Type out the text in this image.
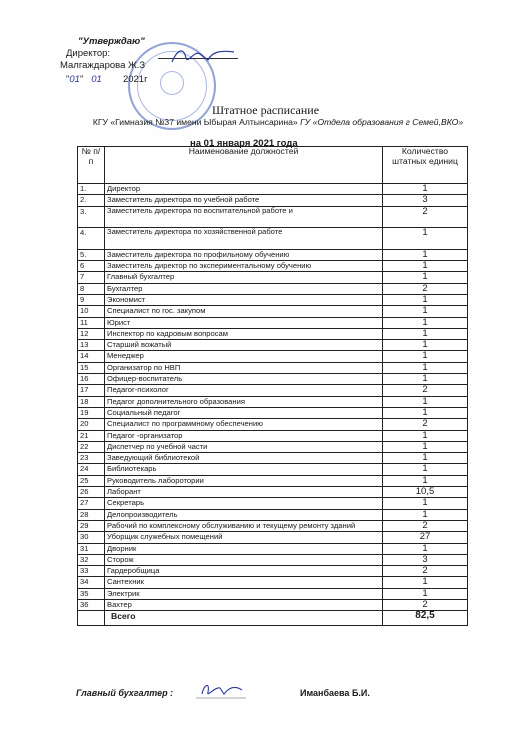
"Утверждаю"
Директор:
Малгаждарова Ж.З
"01" 01 2021г
Штатное расписание
КГУ «Гимназия №37 имени Ыбырая Алтынсарина» ГУ «Отдела образования г Семей,ВКО»
на 01 января 2021 года
№ п/п	Наименование должностей	Количество штатных единиц
1.	Директор	1
2.	Заместитель директора по учебной работе	3
3.	Заместитель директора по воспитательной работе и	2
4.	Заместитель директора по хозяйственной работе	1
5.	Заместитель директора по профильному обучению	1
6	Заместитель директор по экспериментальному обучению	1
7	Главный бухгалтер	1
8	Бухгалтер	2
9	Экономист	1
10	Специалист по гос. закупом	1
11	Юрист	1
12	Инспектор по кадровым вопросам	1
13	Старший вожатый	1
14	Менеджер	1
15	Организатор по НВП	1
16	Офицер-воспитатель	1
17	Педагог-психолог	2
18	Педагог дополнительного образования	1
19	Социальный педагог	1
20	Специалист по программному обеспечению	2
21	Педагог -организатор	1
22	Диспетчер по учебной части	1
23	Заведующий библиотекой	1
24	Библиотекарь	1
25	Руководитель лаборотории	1
26	Лаборант	10,5
27	Секретарь	1
28	Делопроизводитель	1
29	Рабочий по комплексному обслуживанию и текущему ремонту зданий	2
30	Уборщик служебных помещений	27
31	Дворник	1
32	Сторож	3
33	Гардеробщица	2
34	Сантехник	1
35	Электрик	1
36	Вахтер	2
	Всего	82,5
Главный бухгалтер :	Иманбаева Б.И.
